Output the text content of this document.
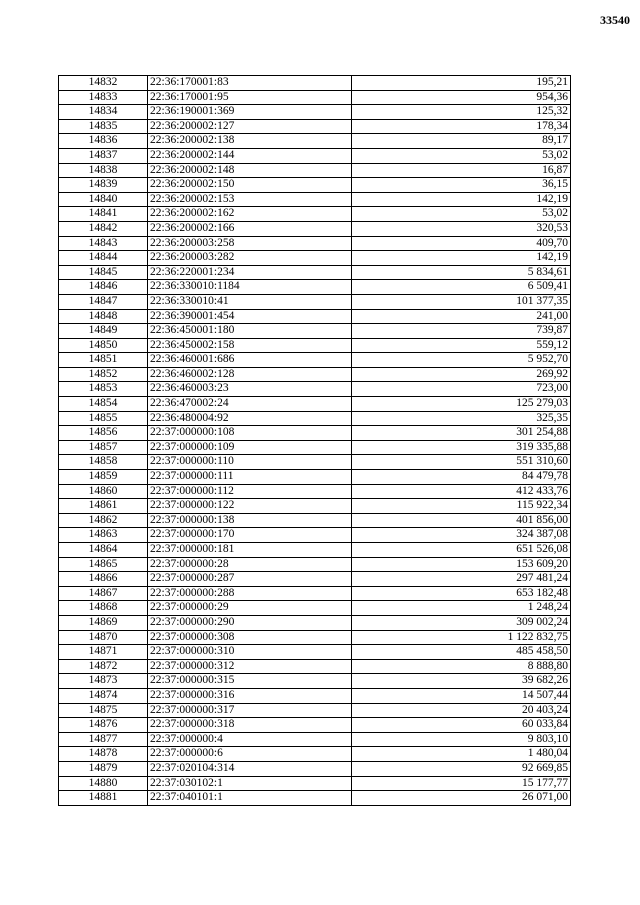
33540
14832	22:36:170001:83	195,21
14833	22:36:170001:95	954,36
14834	22:36:190001:369	125,32
14835	22:36:200002:127	178,34
14836	22:36:200002:138	89,17
14837	22:36:200002:144	53,02
14838	22:36:200002:148	16,87
14839	22:36:200002:150	36,15
14840	22:36:200002:153	142,19
14841	22:36:200002:162	53,02
14842	22:36:200002:166	320,53
14843	22:36:200003:258	409,70
14844	22:36:200003:282	142,19
14845	22:36:220001:234	5 834,61
14846	22:36:330010:1184	6 509,41
14847	22:36:330010:41	101 377,35
14848	22:36:390001:454	241,00
14849	22:36:450001:180	739,87
14850	22:36:450002:158	559,12
14851	22:36:460001:686	5 952,70
14852	22:36:460002:128	269,92
14853	22:36:460003:23	723,00
14854	22:36:470002:24	125 279,03
14855	22:36:480004:92	325,35
14856	22:37:000000:108	301 254,88
14857	22:37:000000:109	319 335,88
14858	22:37:000000:110	551 310,60
14859	22:37:000000:111	84 479,78
14860	22:37:000000:112	412 433,76
14861	22:37:000000:122	115 922,34
14862	22:37:000000:138	401 856,00
14863	22:37:000000:170	324 387,08
14864	22:37:000000:181	651 526,08
14865	22:37:000000:28	153 609,20
14866	22:37:000000:287	297 481,24
14867	22:37:000000:288	653 182,48
14868	22:37:000000:29	1 248,24
14869	22:37:000000:290	309 002,24
14870	22:37:000000:308	1 122 832,75
14871	22:37:000000:310	485 458,50
14872	22:37:000000:312	8 888,80
14873	22:37:000000:315	39 682,26
14874	22:37:000000:316	14 507,44
14875	22:37:000000:317	20 403,24
14876	22:37:000000:318	60 033,84
14877	22:37:000000:4	9 803,10
14878	22:37:000000:6	1 480,04
14879	22:37:020104:314	92 669,85
14880	22:37:030102:1	15 177,77
14881	22:37:040101:1	26 071,00
